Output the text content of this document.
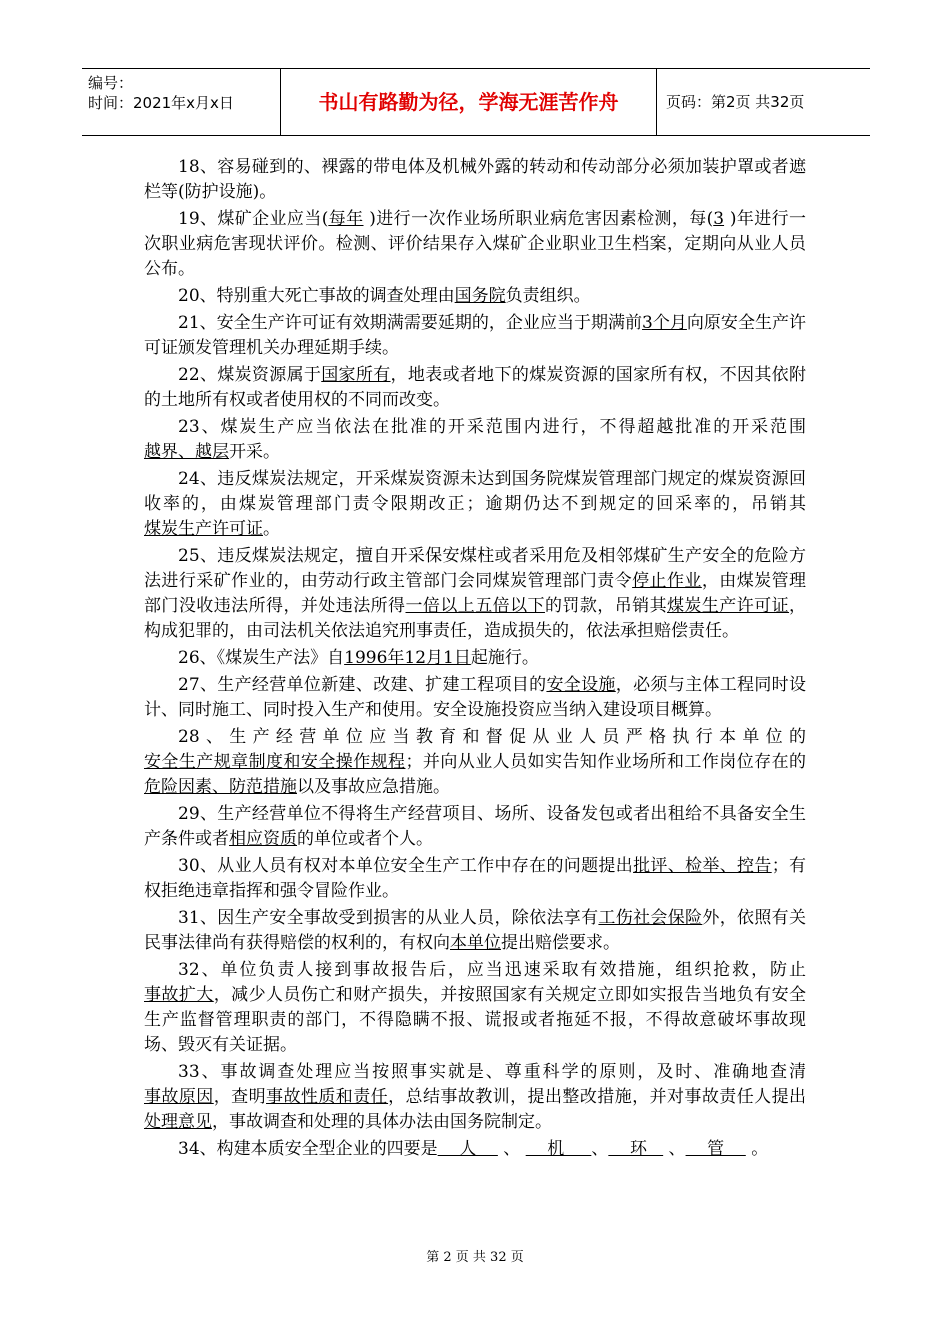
编号：
时间：2021年x月x日	书山有路勤为径，学海无涯苦作舟	页码：第2页 共32页

18、容易碰到的、裸露的带电体及机械外露的转动和传动部分必须加装护罩或者遮栏等(防护设施)。

19、煤矿企业应当(每年 )进行一次作业场所职业病危害因素检测，每(3 )年进行一次职业病危害现状评价。检测、评价结果存入煤矿企业职业卫生档案，定期向从业人员公布。

20、特别重大死亡事故的调查处理由国务院负责组织。

21、安全生产许可证有效期满需要延期的，企业应当于期满前3个月向原安全生产许可证颁发管理机关办理延期手续。

22、煤炭资源属于国家所有，地表或者地下的煤炭资源的国家所有权，不因其依附的土地所有权或者使用权的不同而改变。

23、煤炭生产应当依法在批准的开采范围内进行，不得超越批准的开采范围越界、越层开采。

24、违反煤炭法规定，开采煤炭资源未达到国务院煤炭管理部门规定的煤炭资源回收率的，由煤炭管理部门责令限期改正；逾期仍达不到规定的回采率的，吊销其煤炭生产许可证。

25、违反煤炭法规定，擅自开采保安煤柱或者采用危及相邻煤矿生产安全的危险方法进行采矿作业的，由劳动行政主管部门会同煤炭管理部门责令停止作业，由煤炭管理部门没收违法所得，并处违法所得一倍以上五倍以下的罚款，吊销其煤炭生产许可证，构成犯罪的，由司法机关依法追究刑事责任，造成损失的，依法承担赔偿责任。

26、《煤炭生产法》自1996年12月1日起施行。

27、生产经营单位新建、改建、扩建工程项目的安全设施，必须与主体工程同时设计、同时施工、同时投入生产和使用。安全设施投资应当纳入建设项目概算。

28、生产经营单位应当教育和督促从业人员严格执行本单位的安全生产规章制度和安全操作规程；并向从业人员如实告知作业场所和工作岗位存在的危险因素、防范措施以及事故应急措施。

29、生产经营单位不得将生产经营项目、场所、设备发包或者出租给不具备安全生产条件或者相应资质的单位或者个人。

30、从业人员有权对本单位安全生产工作中存在的问题提出批评、检举、控告；有权拒绝违章指挥和强令冒险作业。

31、因生产安全事故受到损害的从业人员，除依法享有工伤社会保险外，依照有关民事法律尚有获得赔偿的权利的，有权向本单位提出赔偿要求。

32、单位负责人接到事故报告后，应当迅速采取有效措施，组织抢救，防止事故扩大，减少人员伤亡和财产损失，并按照国家有关规定立即如实报告当地负有安全生产监督管理职责的部门，不得隐瞒不报、谎报或者拖延不报，不得故意破坏事故现场、毁灭有关证据。

33、事故调查处理应当按照事实就是、尊重科学的原则，及时、准确地查清事故原因，查明事故性质和责任，总结事故教训，提出整改措施，并对事故责任人提出处理意见，事故调查和处理的具体办法由国务院制定。

34、构建本质安全型企业的四要是    人     、     机     、    环    、    管     。

第 2 页 共 32 页
